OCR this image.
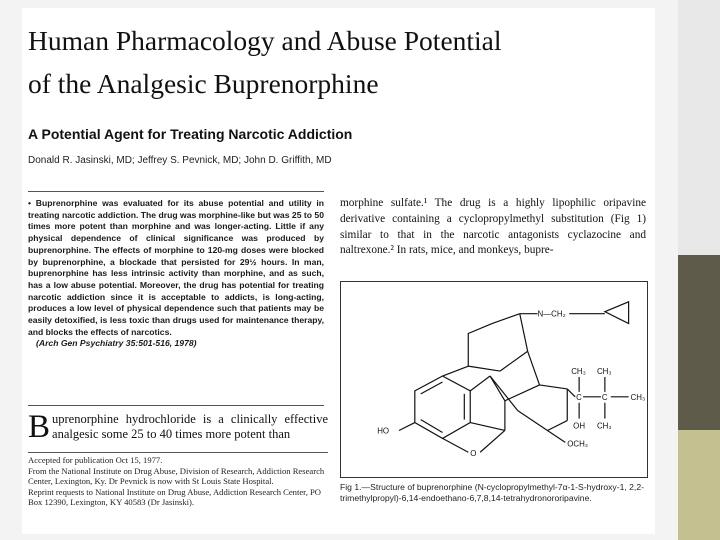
Human Pharmacology and Abuse Potential
of the Analgesic Buprenorphine
A Potential Agent for Treating Narcotic Addiction
Donald R. Jasinski, MD; Jeffrey S. Pevnick, MD; John D. Griffith, MD
• Buprenorphine was evaluated for its abuse potential and utility in treating narcotic addiction. The drug was morphine-like but was 25 to 50 times more potent than morphine and was longer-acting. Little if any physical dependence of clinical significance was produced by buprenorphine. The effects of morphine to 120-mg doses were blocked by buprenorphine, a blockade that persisted for 29½ hours. In man, buprenorphine has less intrinsic activity than morphine, and as such, has a low abuse potential. Moreover, the drug has potential for treating narcotic addiction since it is acceptable to addicts, is long-acting, produces a low level of physical dependence such that patients may be easily detoxified, is less toxic than drugs used for maintenance therapy, and blocks the effects of narcotics.
(Arch Gen Psychiatry 35:501-516, 1978)
B uprenorphine hydrochloride is a clinically effective analgesic some 25 to 40 times more potent than

Accepted for publication Oct 15, 1977.

From the National Institute on Drug Abuse, Division of Research, Addiction Research Center, Lexington, Ky. Dr Pevnick is now with St Louis State Hospital.

Reprint requests to National Institute on Drug Abuse, Addiction Research Center, PO Box 12390, Lexington, KY 40583 (Dr Jasinski).

morphine sulfate.¹ The drug is a highly lipophilic oripavine derivative containing a cyclopropylmethyl substitution (Fig 1) similar to that in the narcotic antagonists cyclazocine and naltrexone.² In rats, mice, and monkeys, bupre-
N—CH₂
CH₃ CH₃
C	C	CH₃
OH CH₃
HO
O
OCH₃
Fig 1.—Structure of buprenorphine (N-cyclopropylmethyl-7α-1-S-hydroxy-1, 2,2-trimethylpropyl)-6,14-endoethano-6,7,8,14-tetrahydronororipavine.
